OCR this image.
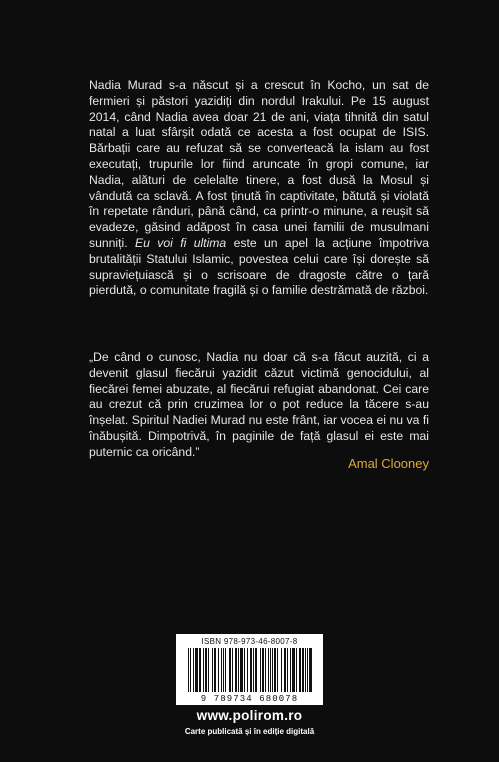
Nadia Murad s-a născut și a crescut în Kocho, un sat de fermieri și păstori yazidiți din nordul Irakului. Pe 15 august 2014, când Nadia avea doar 21 de ani, viața tihnită din satul natal a luat sfârșit odată ce acesta a fost ocupat de ISIS. Bărbații care au refuzat să se converteacă la islam au fost executați, trupurile lor fiind aruncate în gropi comune, iar Nadia, alături de celelalte tinere, a fost dusă la Mosul și vândută ca sclavă. A fost ținută în captivitate, bătută și violată în repetate rânduri, până când, ca printr-o minune, a reușit să evadeze, găsind adăpost în casa unei familii de musulmani sunniți. Eu voi fi ultima este un apel la acțiune împotriva brutalității Statului Islamic, povestea celui care își dorește să supraviețuiască și o scrisoare de dragoste către o țară pierdută, o comunitate fragilă și o familie destrămată de război.

„De când o cunosc, Nadia nu doar că s-a făcut auzită, ci a devenit glasul fiecărui yazidit căzut victimă genocidului, al fiecărei femei abuzate, al fiecărui refugiat abandonat. Cei care au crezut că prin cruzimea lor o pot reduce la tăcere s-au înșelat. Spiritul Nadiei Murad nu este frânt, iar vocea ei nu va fi înăbușită. Dimpotrivă, în paginile de față glasul ei este mai puternic ca oricând.”

Amal Clooney
ISBN 978-973-46-8007-8
9 789734 680078
www.polirom.ro
Carte publicată și în ediție digitală
